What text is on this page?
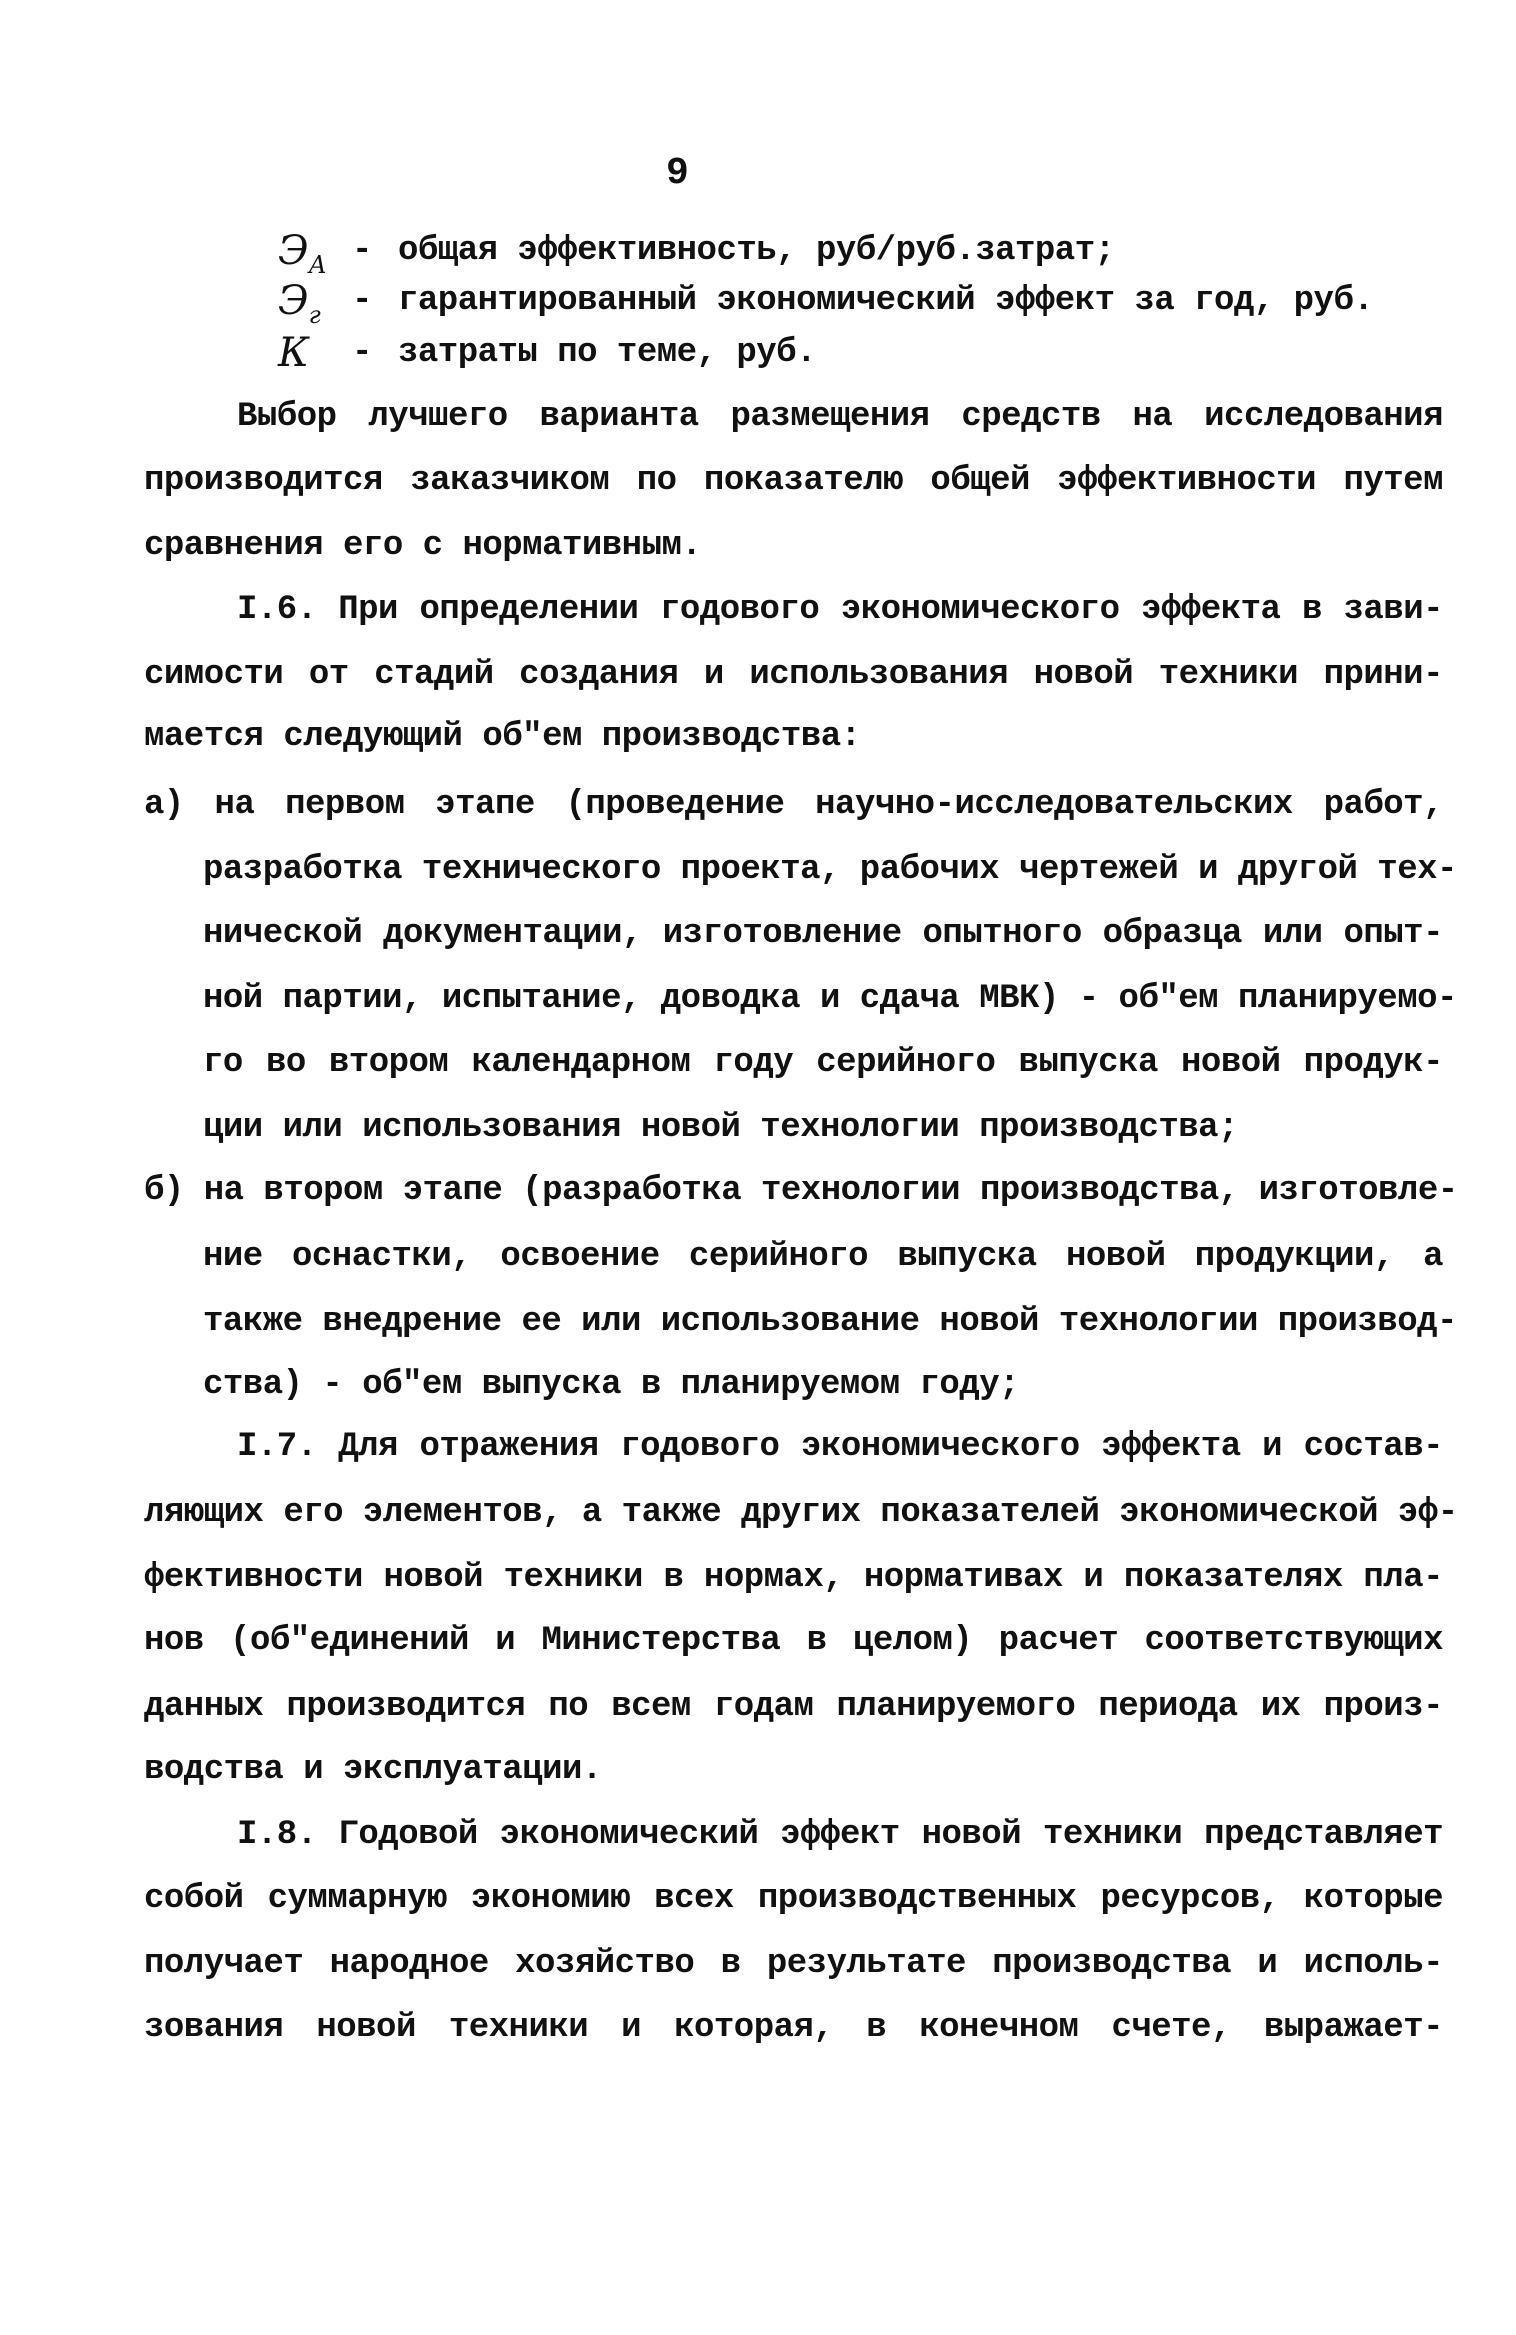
9
$Э_А$ - общая эффективность, руб/руб.затрат;
$Э_г$ - гарантированный экономический эффект за год, руб.
К - затраты по теме, руб.
Выбор лучшего варианта размещения средств на исследования
производится заказчиком по показателю общей эффективности путем
сравнения его с нормативным.
I.6. При определении годового экономического эффекта в зави-
симости от стадий создания и использования новой техники прини-
мается следующий об"ем производства:
а) на первом этапе (проведение научно-исследовательских работ,
разработка технического проекта, рабочих чертежей и другой тех-
нической документации, изготовление опытного образца или опыт-
ной партии, испытание, доводка и сдача МВК) - об"ем планируемо-
го во втором календарном году серийного выпуска новой продук-
ции или использования новой технологии производства;
б) на втором этапе (разработка технологии производства, изготовле-
ние оснастки, освоение серийного выпуска новой продукции, а
также внедрение ее или использование новой технологии производ-
ства) - об"ем выпуска в планируемом году;
I.7. Для отражения годового экономического эффекта и состав-
ляющих его элементов, а также других показателей экономической эф-
фективности новой техники в нормах, нормативах и показателях пла-
нов (об"единений и Министерства в целом) расчет соответствующих
данных производится по всем годам планируемого периода их произ-
водства и эксплуатации.
I.8. Годовой экономический эффект новой техники представляет
собой суммарную экономию всех производственных ресурсов, которые
получает народное хозяйство в результате производства и исполь-
зования новой техники и которая, в конечном счете, выражает-
